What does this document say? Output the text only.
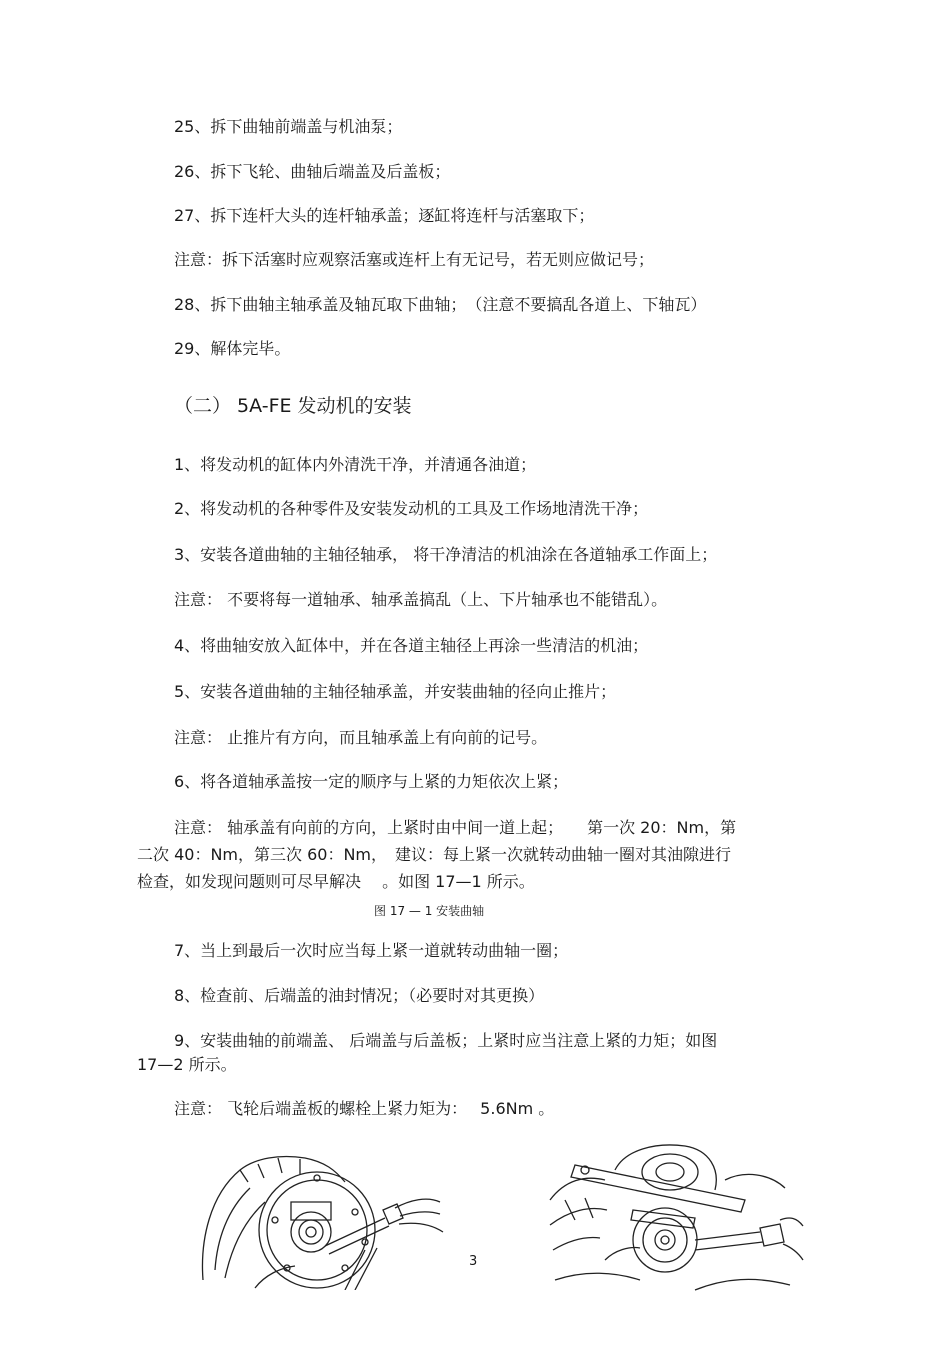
25、拆下曲轴前端盖与机油泵；
26、拆下飞轮、曲轴后端盖及后盖板；
27、拆下连杆大头的连杆轴承盖；逐缸将连杆与活塞取下；
注意：拆下活塞时应观察活塞或连杆上有无记号，若无则应做记号；
28、拆下曲轴主轴承盖及轴瓦取下曲轴；　（注意不要搞乱各道上、下轴瓦）
29、解体完毕。
（二） 5A-FE 发动机的安装
1、将发动机的缸体内外清洗干净，并清通各油道；
2、将发动机的各种零件及安装发动机的工具及工作场地清洗干净；
3、安装各道曲轴的主轴径轴承， 将干净清洁的机油涂在各道轴承工作面上；
注意： 不要将每一道轴承、轴承盖搞乱（上、下片轴承也不能错乱）。
4、将曲轴安放入缸体中，并在各道主轴径上再涂一些清洁的机油；
5、安装各道曲轴的主轴径轴承盖，并安装曲轴的径向止推片；
注意： 止推片有方向，而且轴承盖上有向前的记号。
6、将各道轴承盖按一定的顺序与上紧的力矩依次上紧；
注意： 轴承盖有向前的方向，上紧时由中间一道上起；　　第一次 20：Nm，第
二次 40：Nm，第三次 60：Nm，　建议：每上紧一次就转动曲轴一圈对其油隙进行
检查，如发现问题则可尽早解决　 。如图 17—1 所示。
图 17 — 1 安装曲轴
7、当上到最后一次时应当每上紧一道就转动曲轴一圈；
8、检查前、后端盖的油封情况；（必要时对其更换）
9、安装曲轴的前端盖、 后端盖与后盖板；上紧时应当注意上紧的力矩；如图
17—2 所示。
注意： 飞轮后端盖板的螺栓上紧力矩为：　 5.6Nm 。
3
